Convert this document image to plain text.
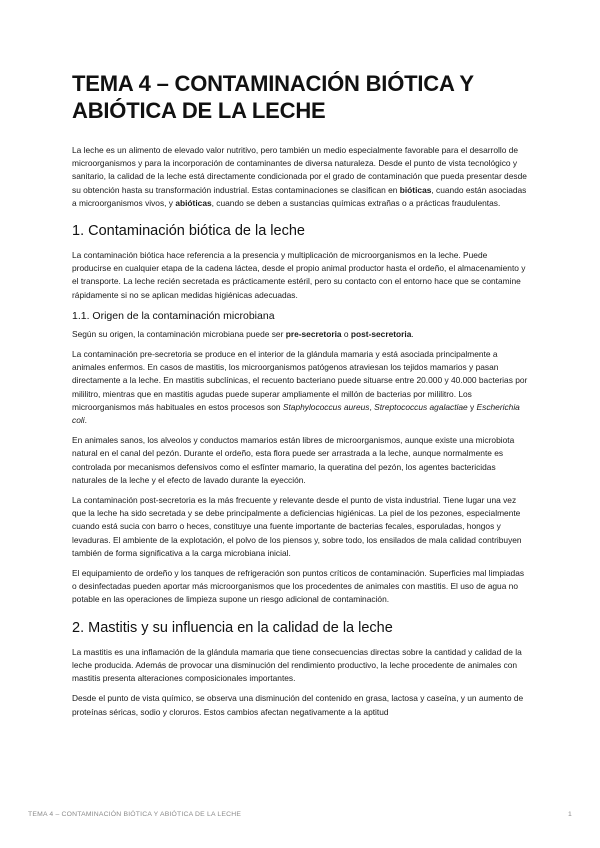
TEMA 4 – CONTAMINACIÓN BIÓTICA Y ABIÓTICA DE LA LECHE

La leche es un alimento de elevado valor nutritivo, pero también un medio especialmente favorable para el desarrollo de microorganismos y para la incorporación de contaminantes de diversa naturaleza. Desde el punto de vista tecnológico y sanitario, la calidad de la leche está directamente condicionada por el grado de contaminación que pueda presentar desde su obtención hasta su transformación industrial. Estas contaminaciones se clasifican en bióticas, cuando están asociadas a microorganismos vivos, y abióticas, cuando se deben a sustancias químicas extrañas o a prácticas fraudulentas.

1. Contaminación biótica de la leche

La contaminación biótica hace referencia a la presencia y multiplicación de microorganismos en la leche. Puede producirse en cualquier etapa de la cadena láctea, desde el propio animal productor hasta el ordeño, el almacenamiento y el transporte. La leche recién secretada es prácticamente estéril, pero su contacto con el entorno hace que se contamine rápidamente si no se aplican medidas higiénicas adecuadas.

1.1. Origen de la contaminación microbiana

Según su origen, la contaminación microbiana puede ser pre-secretoria o post-secretoria.

La contaminación pre-secretoria se produce en el interior de la glándula mamaria y está asociada principalmente a animales enfermos. En casos de mastitis, los microorganismos patógenos atraviesan los tejidos mamarios y pasan directamente a la leche. En mastitis subclínicas, el recuento bacteriano puede situarse entre 20.000 y 40.000 bacterias por mililitro, mientras que en mastitis agudas puede superar ampliamente el millón de bacterias por mililitro. Los microorganismos más habituales en estos procesos son Staphylococcus aureus, Streptococcus agalactiae y Escherichia coli.

En animales sanos, los alveolos y conductos mamarios están libres de microorganismos, aunque existe una microbiota natural en el canal del pezón. Durante el ordeño, esta flora puede ser arrastrada a la leche, aunque normalmente es controlada por mecanismos defensivos como el esfínter mamario, la queratina del pezón, los agentes bactericidas naturales de la leche y el efecto de lavado durante la eyección.

La contaminación post-secretoria es la más frecuente y relevante desde el punto de vista industrial. Tiene lugar una vez que la leche ha sido secretada y se debe principalmente a deficiencias higiénicas. La piel de los pezones, especialmente cuando está sucia con barro o heces, constituye una fuente importante de bacterias fecales, esporuladas, hongos y levaduras. El ambiente de la explotación, el polvo de los piensos y, sobre todo, los ensilados de mala calidad contribuyen también de forma significativa a la carga microbiana inicial.

El equipamiento de ordeño y los tanques de refrigeración son puntos críticos de contaminación. Superficies mal limpiadas o desinfectadas pueden aportar más microorganismos que los procedentes de animales con mastitis. El uso de agua no potable en las operaciones de limpieza supone un riesgo adicional de contaminación.

2. Mastitis y su influencia en la calidad de la leche

La mastitis es una inflamación de la glándula mamaria que tiene consecuencias directas sobre la cantidad y calidad de la leche producida. Además de provocar una disminución del rendimiento productivo, la leche procedente de animales con mastitis presenta alteraciones composicionales importantes.

Desde el punto de vista químico, se observa una disminución del contenido en grasa, lactosa y caseína, y un aumento de proteínas séricas, sodio y cloruros. Estos cambios afectan negativamente a la aptitud

TEMA 4 – CONTAMINACIÓN BIÓTICA Y ABIÓTICA DE LA LECHE	1
